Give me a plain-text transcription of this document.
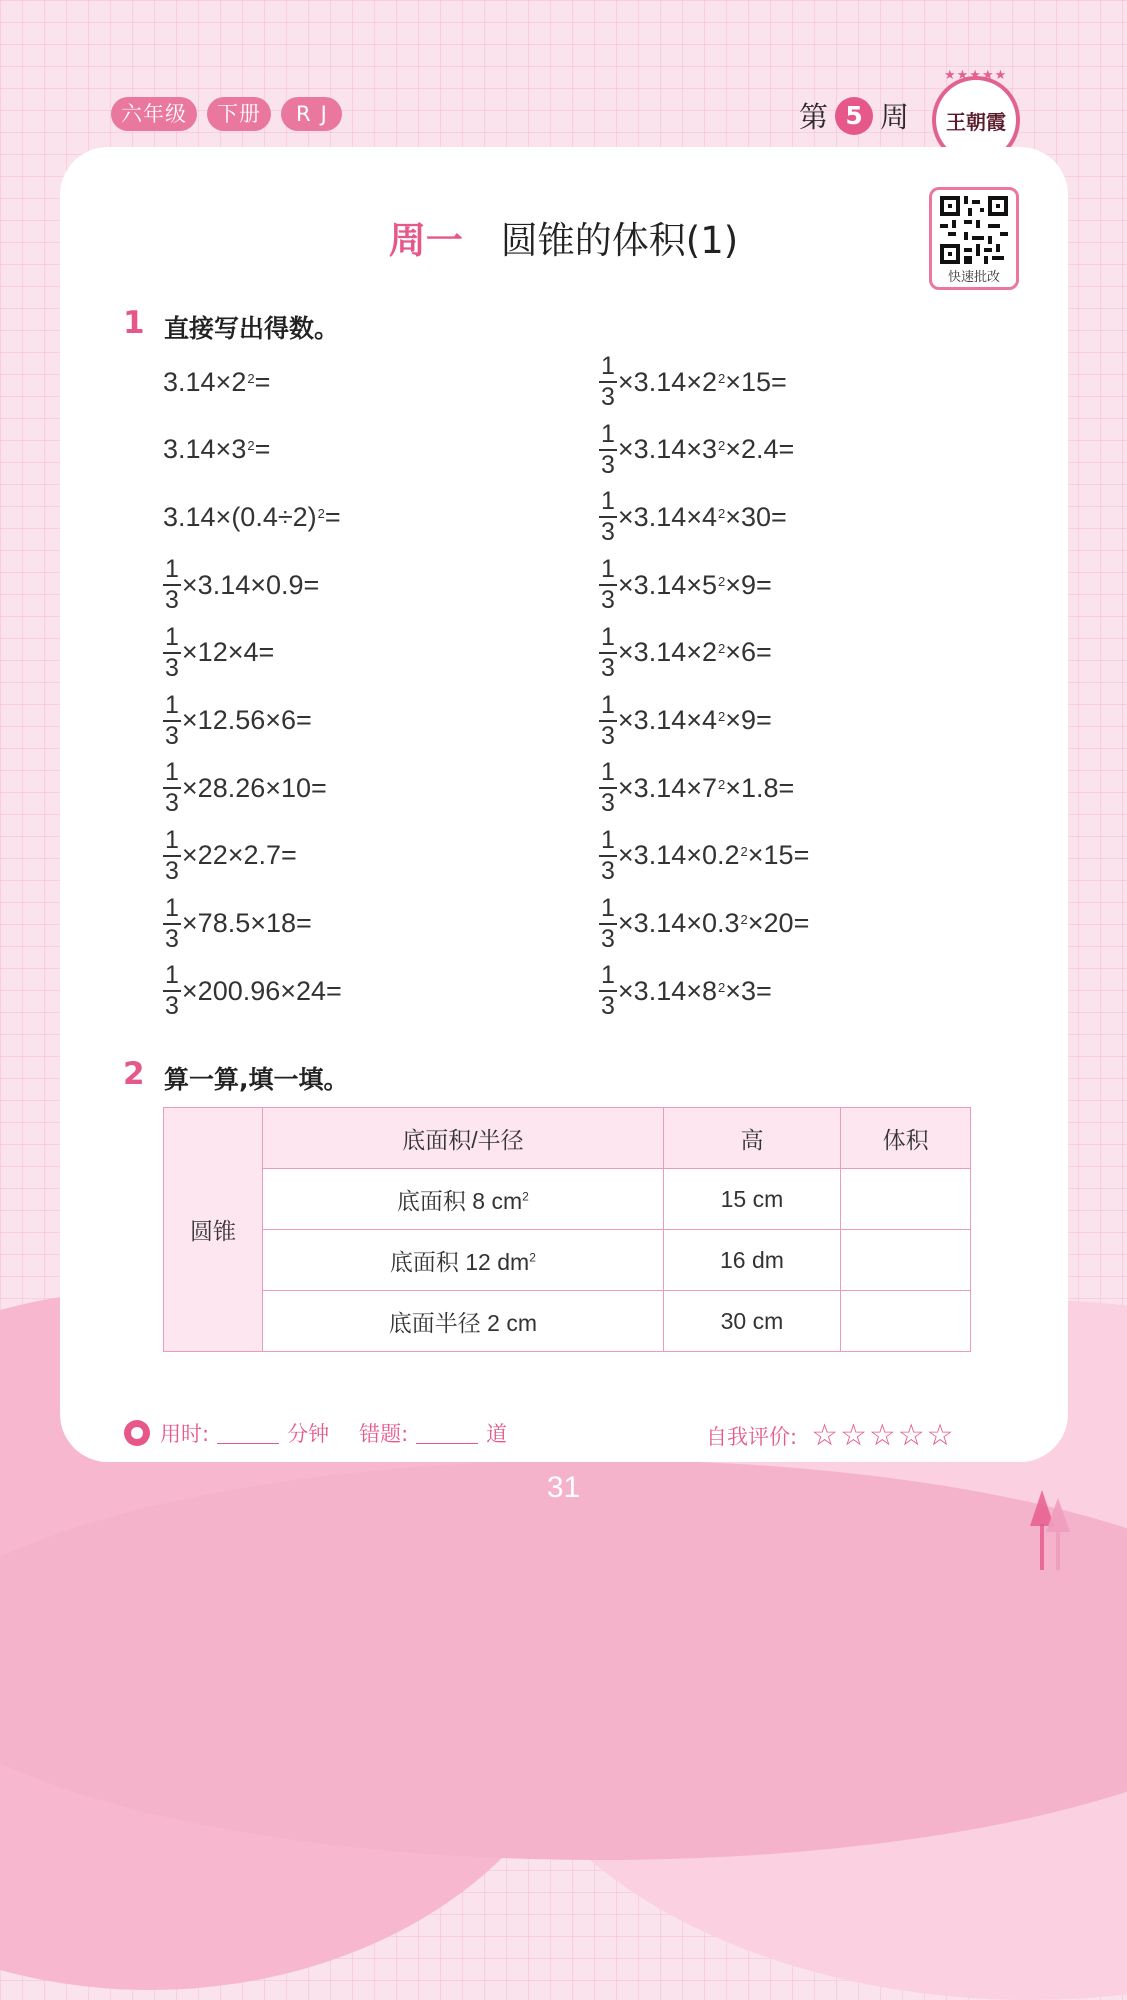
六年级	下册	RJ	第 5 周
★★★★★
王朝霞
快速批改
周一 圆锥的体积(1)
1 直接写出得数。
$3.14\times 2^2$ =
$3.14\times 3^2$ =
$3.14\times(0.4\div 2)^2$ =
$\frac{1}{3} \times 3.14\times 0.9=$
$\frac{1}{3} \times 12\times 4=$
$\frac{1}{3} \times 12.56\times 6=$
$\frac{1}{3} \times 28.26\times 10=$
$\frac{1}{3} \times 22\times 2.7=$
$\frac{1}{3} \times 78.5\times 18=$
$\frac{1}{3} \times 200.96\times 24=$
$\frac{1}{3} \times 3.14\times 2^2 \times 15=$
$\frac{1}{3} \times 3.14\times 3^2 \times 2.4=$
$\frac{1}{3} \times 3.14\times 4^2 \times 30=$
$\frac{1}{3} \times 3.14\times 5^2 \times 9=$
$\frac{1}{3} \times 3.14\times 2^2 \times 6=$
$\frac{1}{3} \times 3.14\times 4^2 \times 9=$
$\frac{1}{3} \times 3.14\times 7^2 \times 1.8=$
$\frac{1}{3} \times 3.14\times 0.2^2 \times 15=$
$\frac{1}{3} \times 3.14\times 0.3^2 \times 20=$
$\frac{1}{3} \times 3.14\times 8^2 \times 3=$
2 算一算,填一填。
圆锥	底面积/半径	高	体积
	底面积 8 $cm^2$	15 cm	
	底面积 12 $dm^2$	16 dm	
	底面半径 2 cm	30 cm	
用时:	分钟 错题:	道	自我评价: ☆☆☆☆☆
31
